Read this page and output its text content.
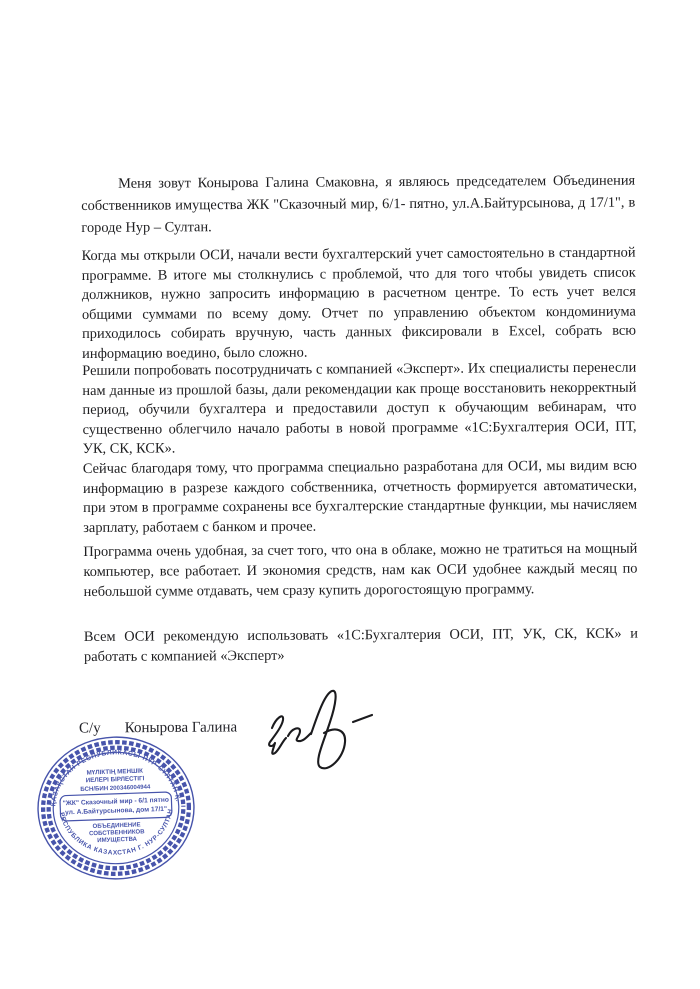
Меня зовут Конырова Галина Смаковна, я являюсь председателем Объединения собственников имущества ЖК "Сказочный мир, 6/1- пятно, ул.А.Байтурсынова, д 17/1", в городе Нур – Султан.

Когда мы открыли ОСИ, начали вести бухгалтерский учет самостоятельно в стандартной программе. В итоге мы столкнулись с проблемой, что для того чтобы увидеть список должников, нужно запросить информацию в расчетном центре. То есть учет велся общими суммами по всему дому. Отчет по управлению объектом кондоминиума приходилось собирать вручную, часть данных фиксировали в Excel, собрать всю информацию воедино, было сложно.

Решили попробовать посотрудничать с компанией «Эксперт». Их специалисты перенесли нам данные из прошлой базы, дали рекомендации как проще восстановить некорректный период, обучили бухгалтера и предоставили доступ к обучающим вебинарам, что существенно облегчило начало работы в новой программе «1С:Бухгалтерия ОСИ, ПТ, УК, СК, КСК».

Сейчас благодаря тому, что программа специально разработана для ОСИ, мы видим всю информацию в разрезе каждого собственника, отчетность формируется автоматически, при этом в программе сохранены все бухгалтерские стандартные функции, мы начисляем зарплату, работаем с банком и прочее.

Программа очень удобная, за счет того, что она в облаке, можно не тратиться на мощный компьютер, все работает. И экономия средств, нам как ОСИ удобнее каждый месяц по небольшой сумме отдавать, чем сразу купить дорогостоящую программу.

Всем ОСИ рекомендую использовать «1С:Бухгалтерия ОСИ, ПТ, УК, СК, КСК» и работать с компанией «Эксперт»

С/у Конырова Галина
ҚАЗАҚСТАН РЕСПУБЛИКАСЫ НҰР-СҰЛТАН Қ.
РЕСПУБЛИКА КАЗАХСТАН Г. НУР-СУЛТАН
МҮЛІКТІҢ МЕНШІК
ИЕЛЕРІ БІРЛЕСТІГІ
БСН/БИН 200346004944
"ЖК" Сказочный мир - 6/1 пятно
ул. А.Байтурсынова, дом 17/1"
ОБЪЕДИНЕНИЕ
СОБСТВЕННИКОВ
ИМУЩЕСТВА
